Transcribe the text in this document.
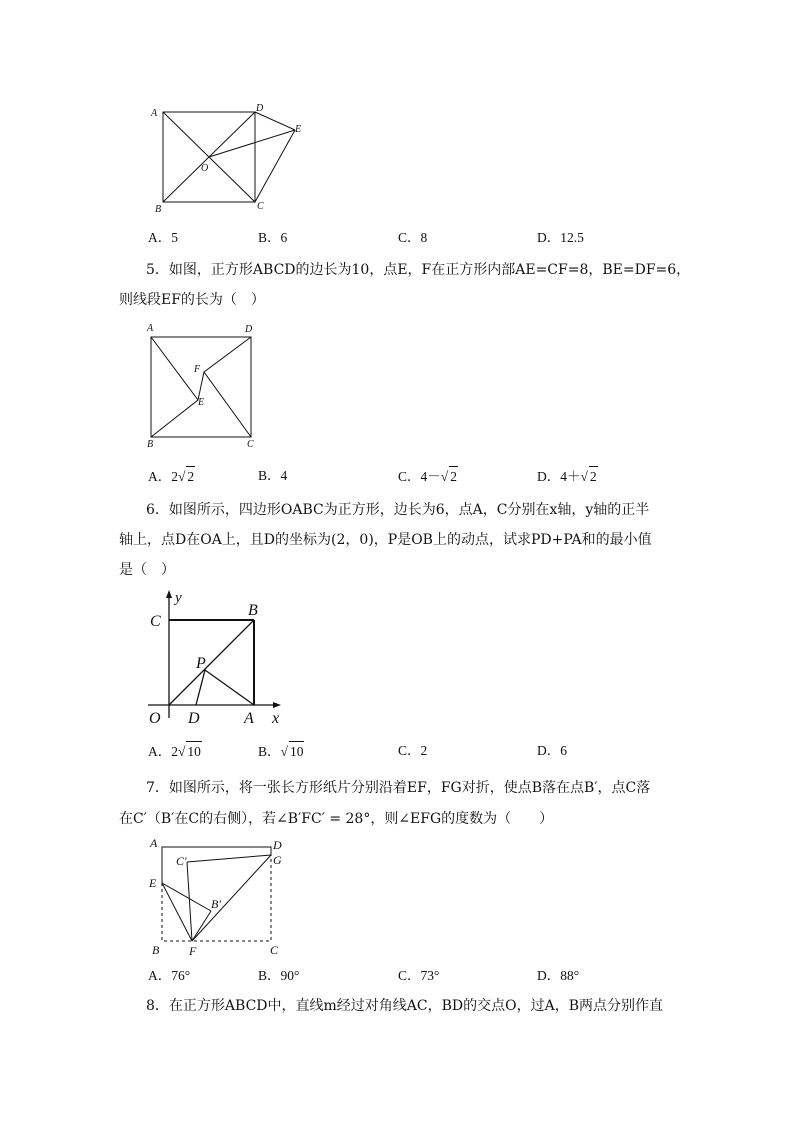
A	D
E
O
B	C
A．5	B．6	C．8	D．12.5
5．如图，正方形ABCD的边长为10，点E，F在正方形内部AE=CF=8，BE=DF=6，
则线段EF的长为（　）
A	D
F
E
B	C
A．2√ 2	B．4	C．4－√ 2	D．4＋√ 2
6．如图所示，四边形OABC为正方形，边长为6，点A，C分别在x轴，y轴的正半
轴上，点D在OA上，且D的坐标为(2，0)，P是OB上的动点，试求PD+PA和的最小值
是（　）
y
C
B
P
O D	A x
A．2√ 10	B．√ 10	C．2	D．6
7．如图所示，将一张长方形纸片分别沿着EF，FG对折，使点B落在点B′，点C落
在C′（B′在C的右侧），若∠B′FC′ = 28°，则∠EFG的度数为（　　）
A	D
C′	G
E
B′
B F	C
A．76°	B．90°	C．73°	D．88°
8．在正方形ABCD中，直线m经过对角线AC，BD的交点O，过A，B两点分别作直
